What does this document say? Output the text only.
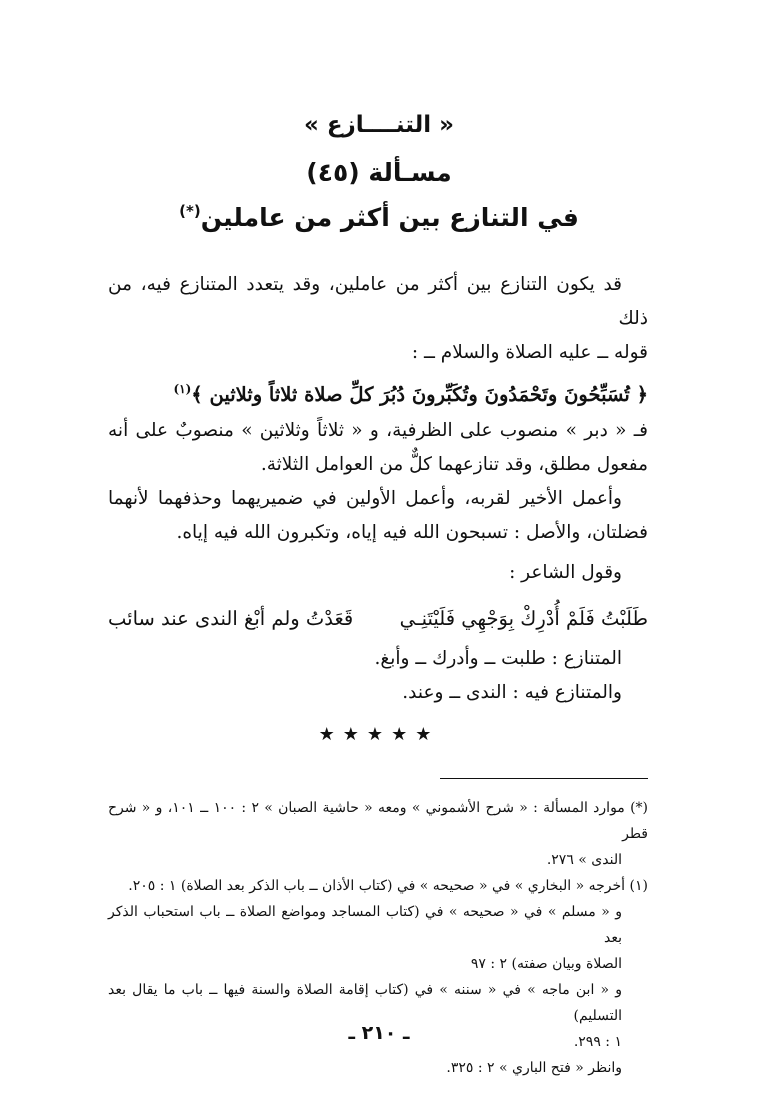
« التنــــازع »
مسـألة (٤٥)
في التنازع بين أكثر من عاملين(*)

قد يكون التنازع بين أكثر من عاملين، وقد يتعدد المتنازع فيه، من ذلك

قوله ــ عليه الصلاة والسلام ــ :

﴿ تُسَبِّحُونَ وتَحْمَدُونَ وتُكَبِّرونَ دُبُرَ كلِّ صلاة ثلاثاً وثلاثين ﴾$^{(١)}$

فـ « دبر » منصوب على الظرفية، و « ثلاثاً وثلاثين » منصوبٌ على أنه مفعول مطلق، وقد تنازعهما كلٌّ من العوامل الثلاثة.

وأعمل الأخير لقربه، وأعمل الأولين في ضميريهما وحذفهما لأنهما فضلتان، والأصل : تسبحون الله فيه إياه، وتكبرون الله فيه إياه.

وقول الشاعر :

طَلَبْتُ فَلَمْ أُدْرِكْ بِوَجْهِي فَلَيْتَنِـي
قَعَدْتُ ولم أبْغ الندى عند سائب

المتنازع : طلبت ــ وأدرك ــ وأبغ.

والمتنازع فيه : الندى ــ وعند.

★★★★★

(*) موارد المسألة : « شرح الأشموني » ومعه « حاشية الصبان » ٢ : ١٠٠ ــ ١٠١، و « شرح قطر

الندى » ٢٧٦.

(١) أخرجه « البخاري » في « صحيحه » في (كتاب الأذان ــ باب الذكر بعد الصلاة) ١ : ٢٠٥.

و « مسلم » في « صحيحه » في (كتاب المساجد ومواضع الصلاة ــ باب استحباب الذكر بعد

الصلاة وبيان صفته) ٢ : ٩٧

و « ابن ماجه » في « سننه » في (كتاب إقامة الصلاة والسنة فيها ــ باب ما يقال بعد التسليم)

١ : ٢٩٩.

وانظر « فتح الباري » ٢ : ٣٢٥.

ـ ٢١٠ ـ
